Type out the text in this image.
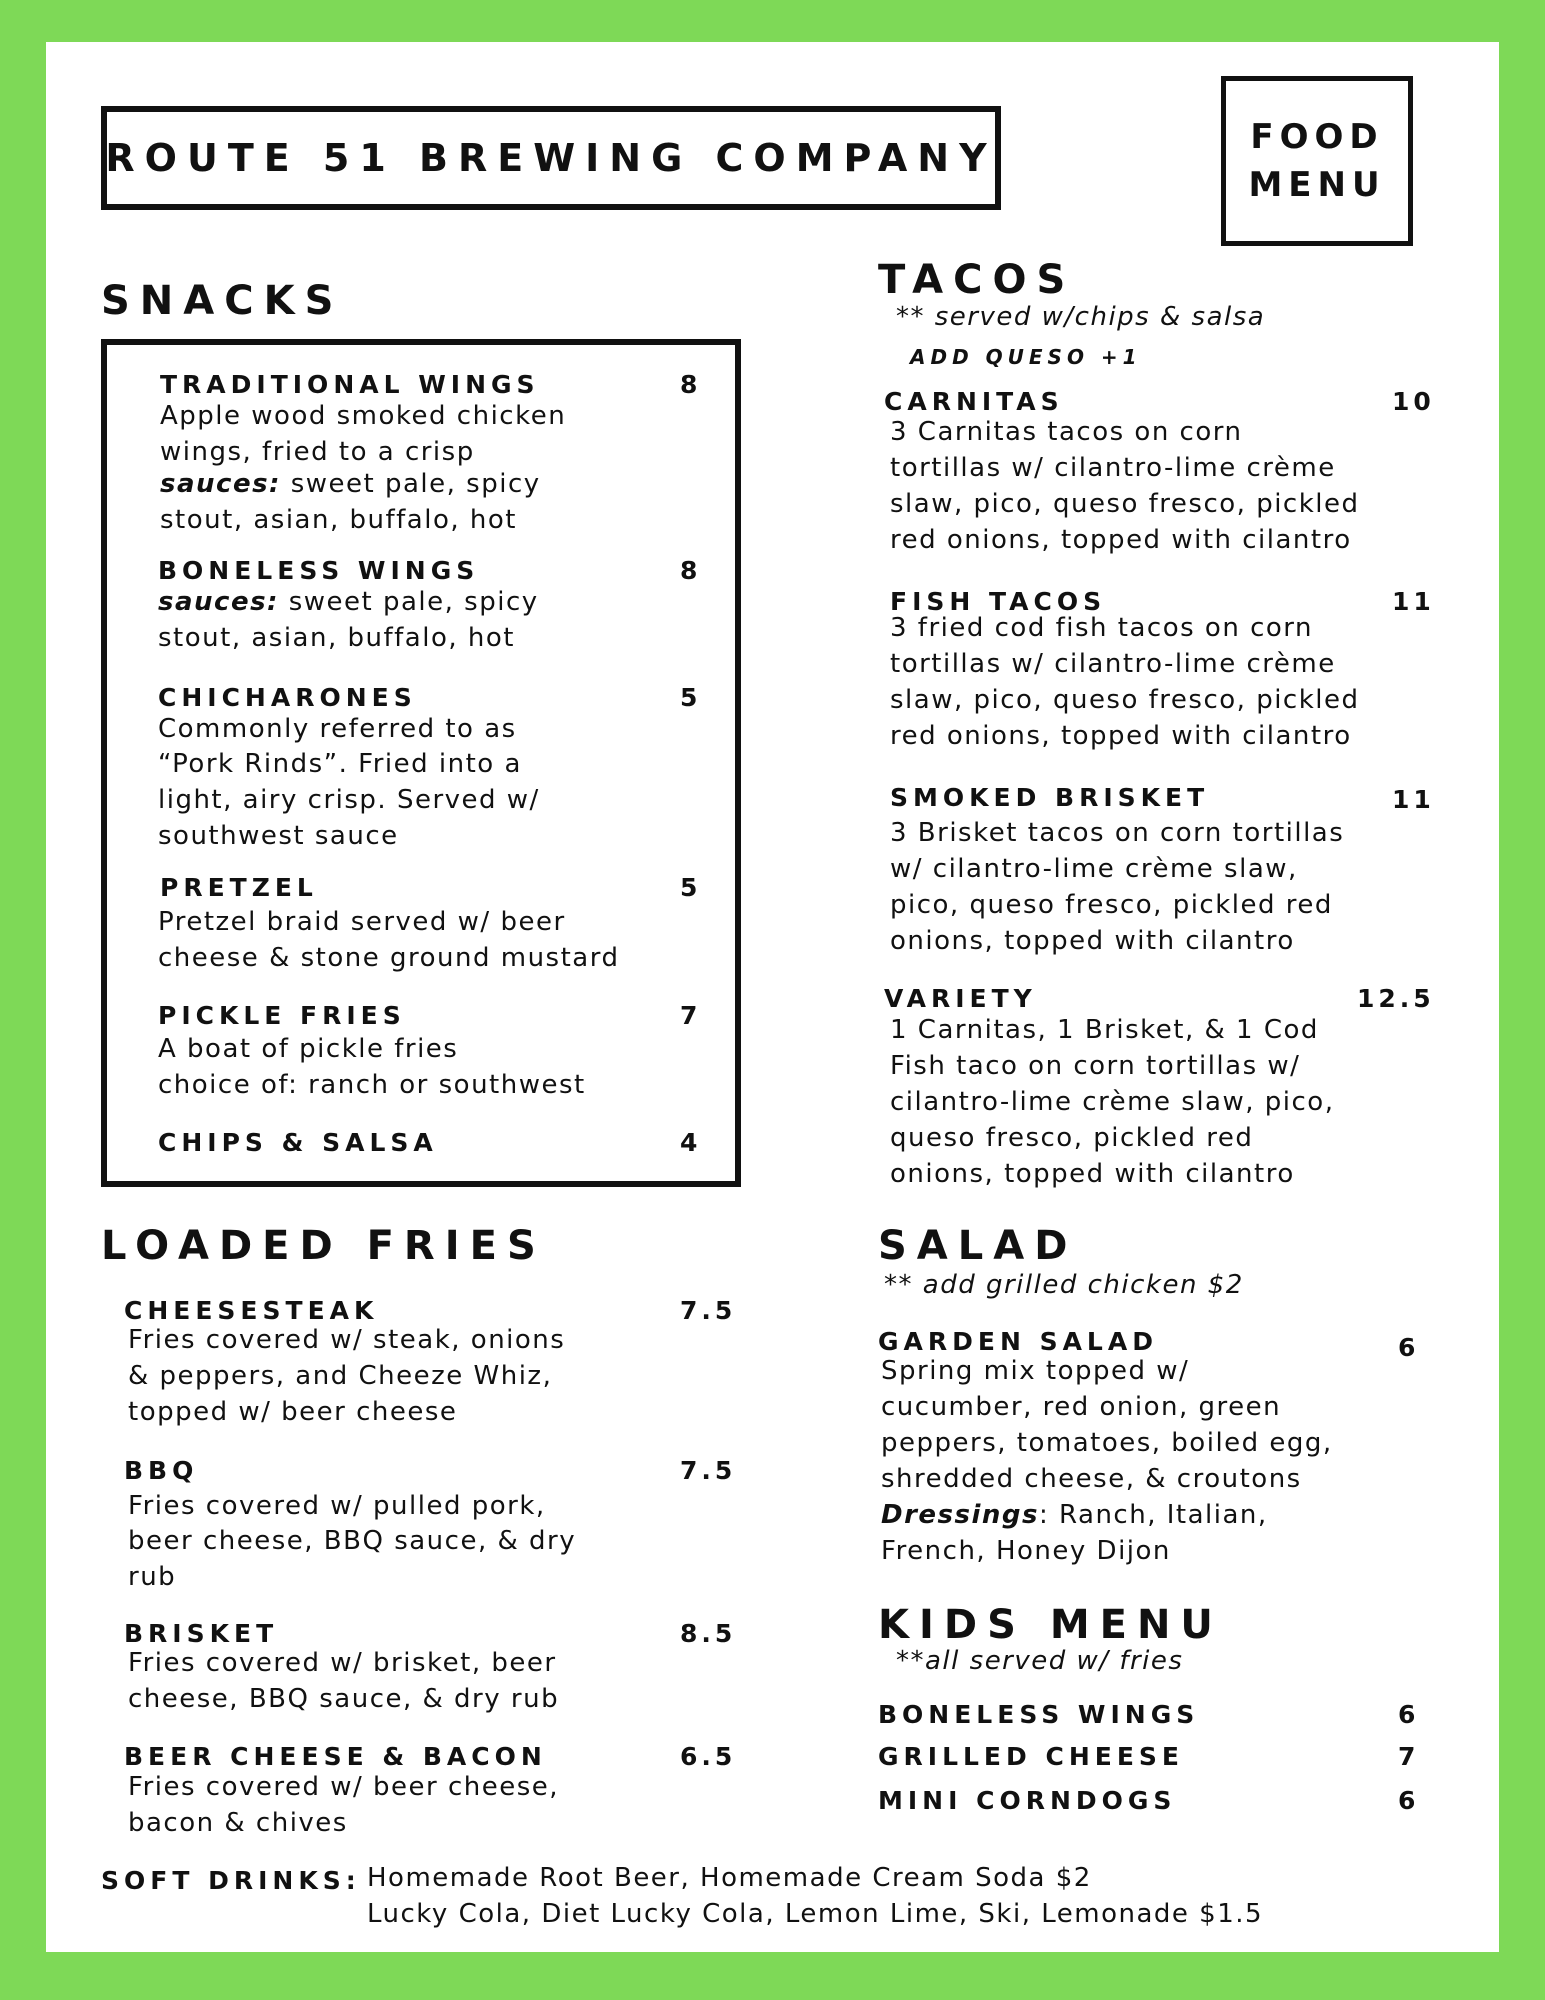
ROUTE 51 BREWING COMPANY	FOOD
MENU
SNACKS
TRADITIONAL WINGS	8
Apple wood smoked chicken
wings, fried to a crisp
sauces: sweet pale, spicy
stout, asian, buffalo, hot
BONELESS WINGS	8
sauces: sweet pale, spicy
stout, asian, buffalo, hot
CHICHARONES	5
Commonly referred to as
“Pork Rinds”. Fried into a
light, airy crisp. Served w/
southwest sauce
PRETZEL	5
Pretzel braid served w/ beer
cheese & stone ground mustard
PICKLE FRIES	7
A boat of pickle fries
choice of: ranch or southwest
CHIPS & SALSA	4
LOADED FRIES
CHEESESTEAK	7.5
Fries covered w/ steak, onions
& peppers, and Cheeze Whiz,
topped w/ beer cheese
BBQ	7.5
Fries covered w/ pulled pork,
beer cheese, BBQ sauce, & dry
rub
BRISKET	8.5
Fries covered w/ brisket, beer
cheese, BBQ sauce, & dry rub
BEER CHEESE & BACON	6.5
Fries covered w/ beer cheese,
bacon & chives
TACOS
** served w/chips & salsa
ADD QUESO +1
CARNITAS	10
3 Carnitas tacos on corn
tortillas w/ cilantro-lime crème
slaw, pico, queso fresco, pickled
red onions, topped with cilantro
FISH TACOS	11
3 fried cod fish tacos on corn
tortillas w/ cilantro-lime crème
slaw, pico, queso fresco, pickled
red onions, topped with cilantro
SMOKED BRISKET	11
3 Brisket tacos on corn tortillas
w/ cilantro-lime crème slaw,
pico, queso fresco, pickled red
onions, topped with cilantro
VARIETY	12.5
1 Carnitas, 1 Brisket, & 1 Cod
Fish taco on corn tortillas w/
cilantro-lime crème slaw, pico,
queso fresco, pickled red
onions, topped with cilantro
SALAD
** add grilled chicken $2
GARDEN SALAD	6
Spring mix topped w/
cucumber, red onion, green
peppers, tomatoes, boiled egg,
shredded cheese, & croutons
Dressings: Ranch, Italian,
French, Honey Dijon
KIDS MENU
**all served w/ fries
BONELESS WINGS	6
GRILLED CHEESE	7
MINI CORNDOGS	6
SOFT DRINKS: Homemade Root Beer, Homemade Cream Soda $2
Lucky Cola, Diet Lucky Cola, Lemon Lime, Ski, Lemonade $1.5
